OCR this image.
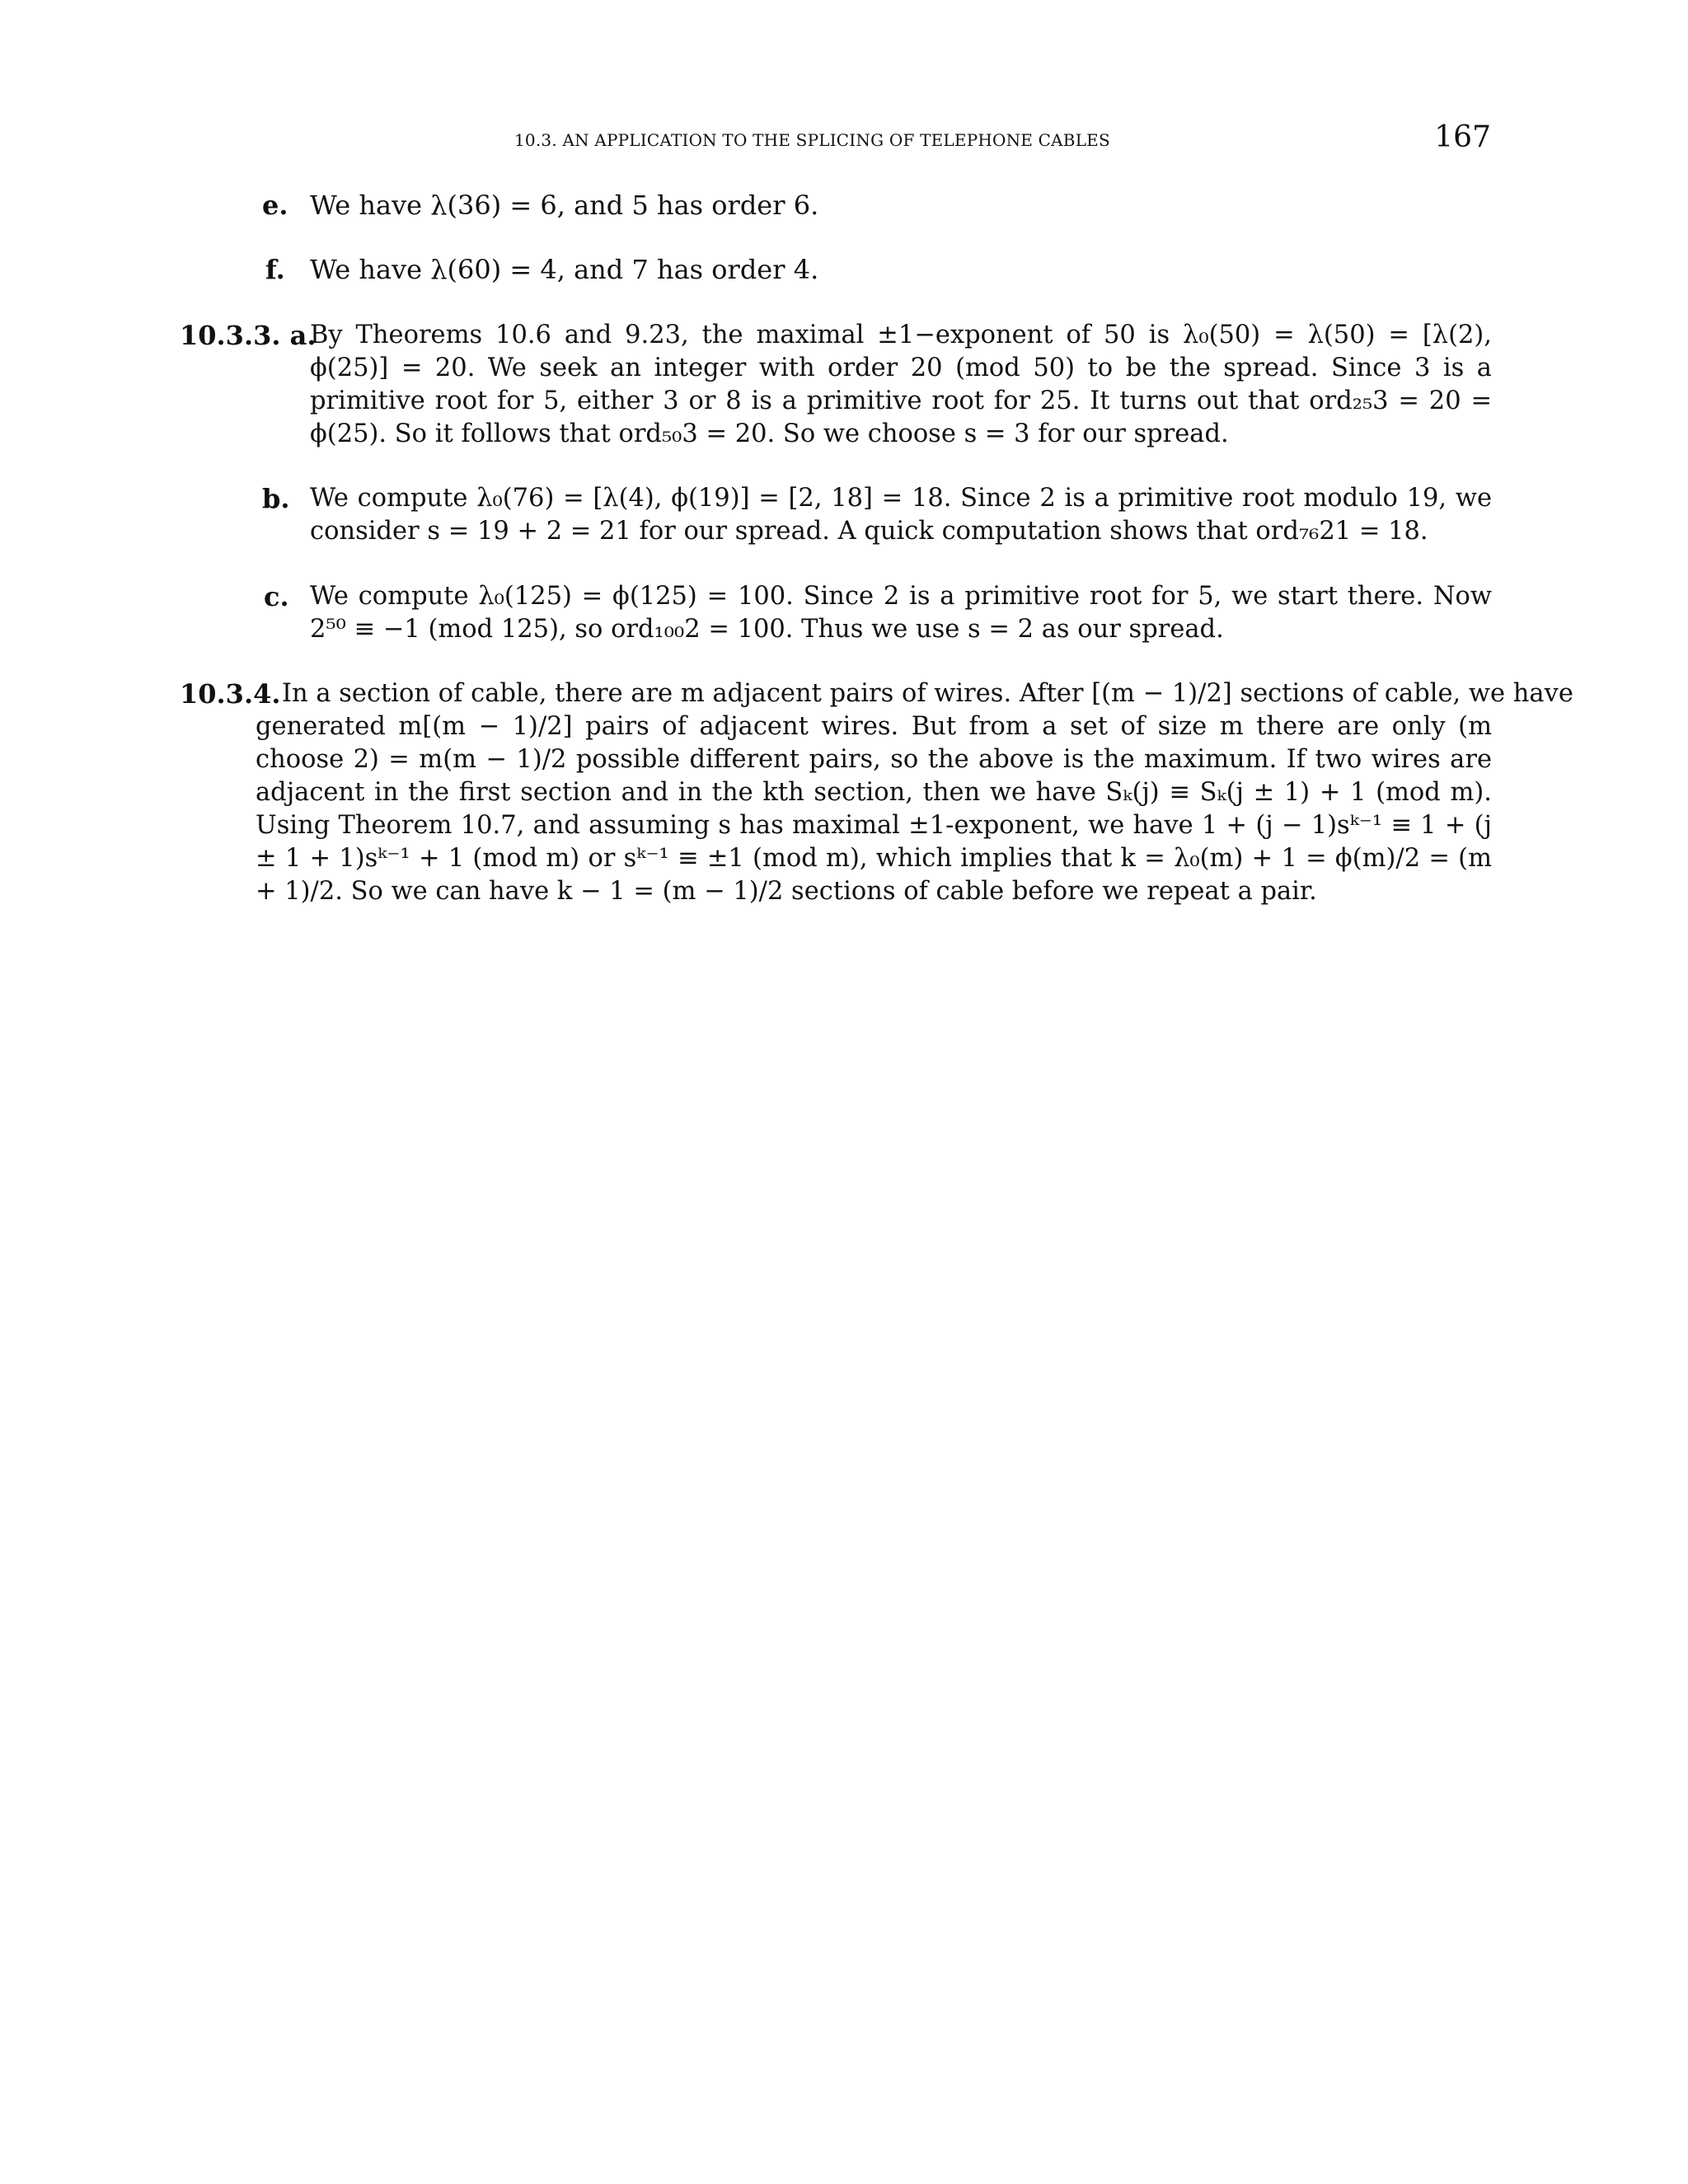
10.3. AN APPLICATION TO THE SPLICING OF TELEPHONE CABLES	167
e. We have λ(36) = 6, and 5 has order 6.
f. We have λ(60) = 4, and 7 has order 4.
10.3.3. a.

By Theorems 10.6 and 9.23, the maximal ±1−exponent of 50 is λ₀(50) = λ(50) = [λ(2), ϕ(25)] = 20. We seek an integer with order 20 (mod 50) to be the spread. Since 3 is a primitive root for 5, either 3 or 8 is a primitive root for 25. It turns out that ord₂₅3 = 20 = ϕ(25). So it follows that ord₅₀3 = 20. So we choose s = 3 for our spread.

b. We compute λ₀(76) = [λ(4), ϕ(19)] = [2, 18] = 18. Since 2 is a primitive root modulo 19, we consider s = 19 + 2 = 21 for our spread. A quick computation shows that ord₇₆21 = 18.

c. We compute λ₀(125) = ϕ(125) = 100. Since 2 is a primitive root for 5, we start there. Now 2⁵⁰ ≡ −1 (mod 125), so ord₁₀₀2 = 100. Thus we use s = 2 as our spread.

10.3.4. In a section of cable, there are m adjacent pairs of wires. After [(m − 1)/2] sections of cable, we have

generated m[(m − 1)/2] pairs of adjacent wires. But from a set of size m there are only (m choose 2) = m(m − 1)/2 possible different pairs, so the above is the maximum. If two wires are adjacent in the first section and in the kth section, then we have Sₖ(j) ≡ Sₖ(j ± 1) + 1 (mod m). Using Theorem 10.7, and assuming s has maximal ±1-exponent, we have 1 + (j − 1)sᵏ⁻¹ ≡ 1 + (j ± 1 + 1)sᵏ⁻¹ + 1 (mod m) or sᵏ⁻¹ ≡ ±1 (mod m), which implies that k = λ₀(m) + 1 = ϕ(m)/2 = (m + 1)/2. So we can have k − 1 = (m − 1)/2 sections of cable before we repeat a pair.
